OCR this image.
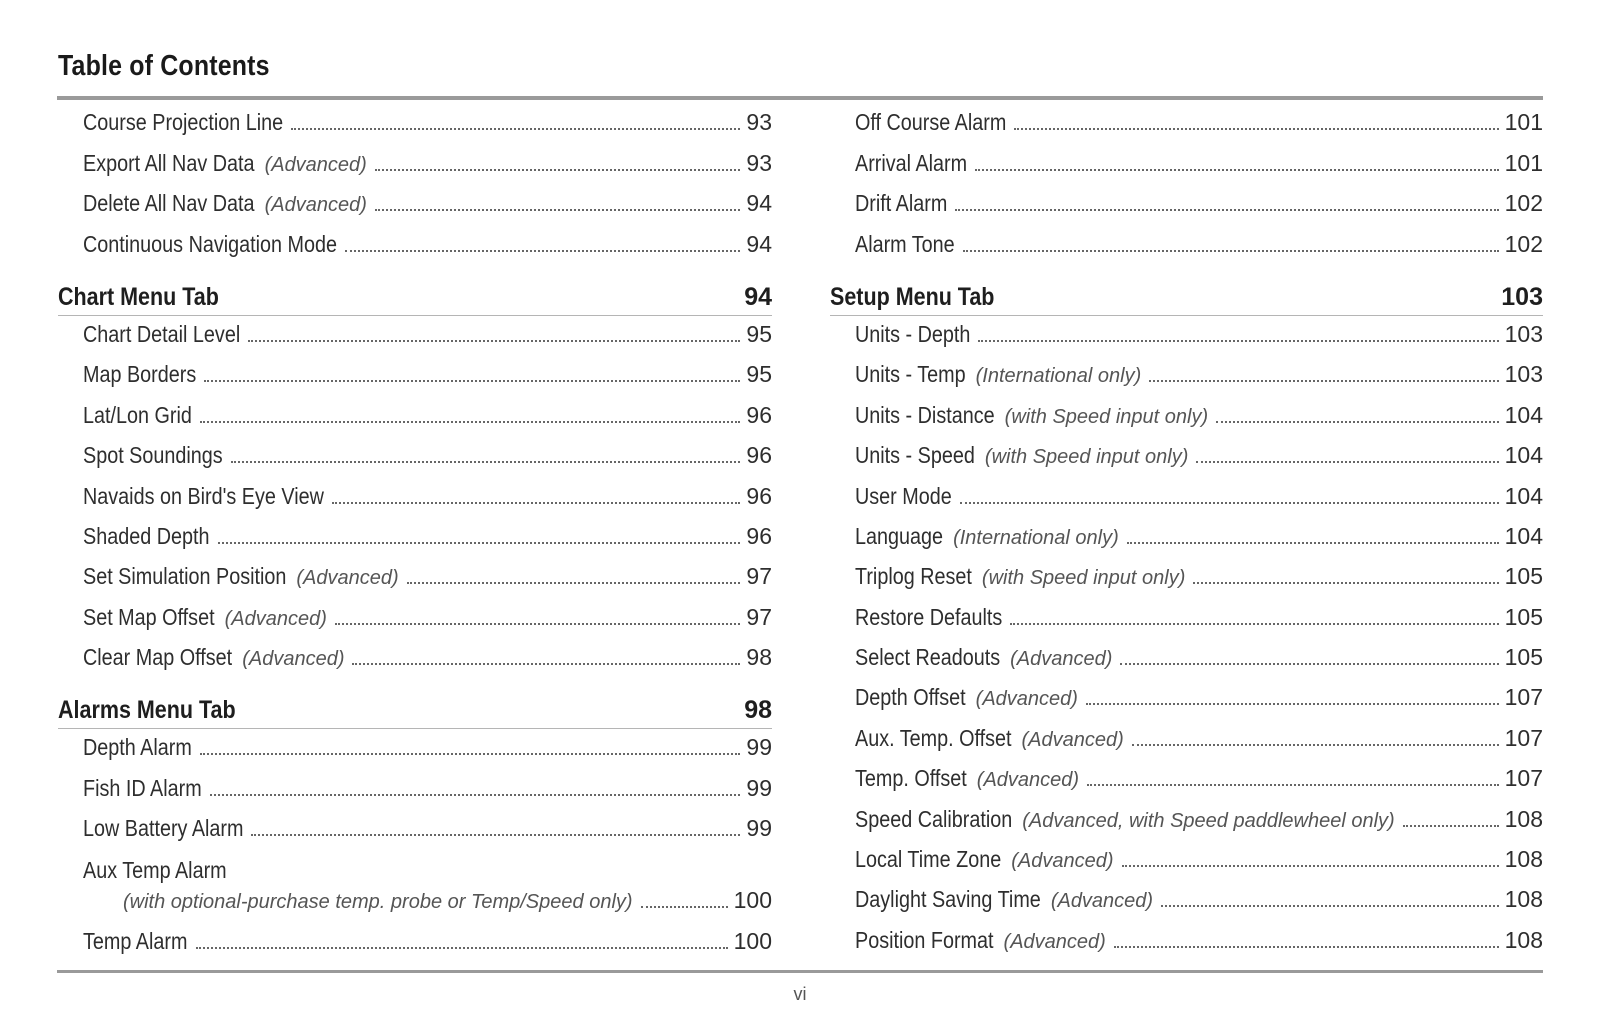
Table of Contents
Course Projection Line	93
Export All Nav Data (Advanced)	93
Delete All Nav Data (Advanced)	94
Continuous Navigation Mode	94
Chart Menu Tab	94
Chart Detail Level	95
Map Borders	95
Lat/Lon Grid	96
Spot Soundings	96
Navaids on Bird's Eye View	96
Shaded Depth	96
Set Simulation Position (Advanced)	97
Set Map Offset (Advanced)	97
Clear Map Offset (Advanced)	98
Alarms Menu Tab	98
Depth Alarm	99
Fish ID Alarm	99
Low Battery Alarm	99
Aux Temp Alarm
(with optional-purchase temp. probe or Temp/Speed only)	100
Temp Alarm	100
Off Course Alarm	101
Arrival Alarm	101
Drift Alarm	102
Alarm Tone	102
Setup Menu Tab	103
Units - Depth	103
Units - Temp (International only)	103
Units - Distance (with Speed input only)	104
Units - Speed (with Speed input only)	104
User Mode	104
Language (International only)	104
Triplog Reset (with Speed input only)	105
Restore Defaults	105
Select Readouts (Advanced)	105
Depth Offset (Advanced)	107
Aux. Temp. Offset (Advanced)	107
Temp. Offset (Advanced)	107
Speed Calibration (Advanced, with Speed paddlewheel only)	108
Local Time Zone (Advanced)	108
Daylight Saving Time (Advanced)	108
Position Format (Advanced)	108
vi
